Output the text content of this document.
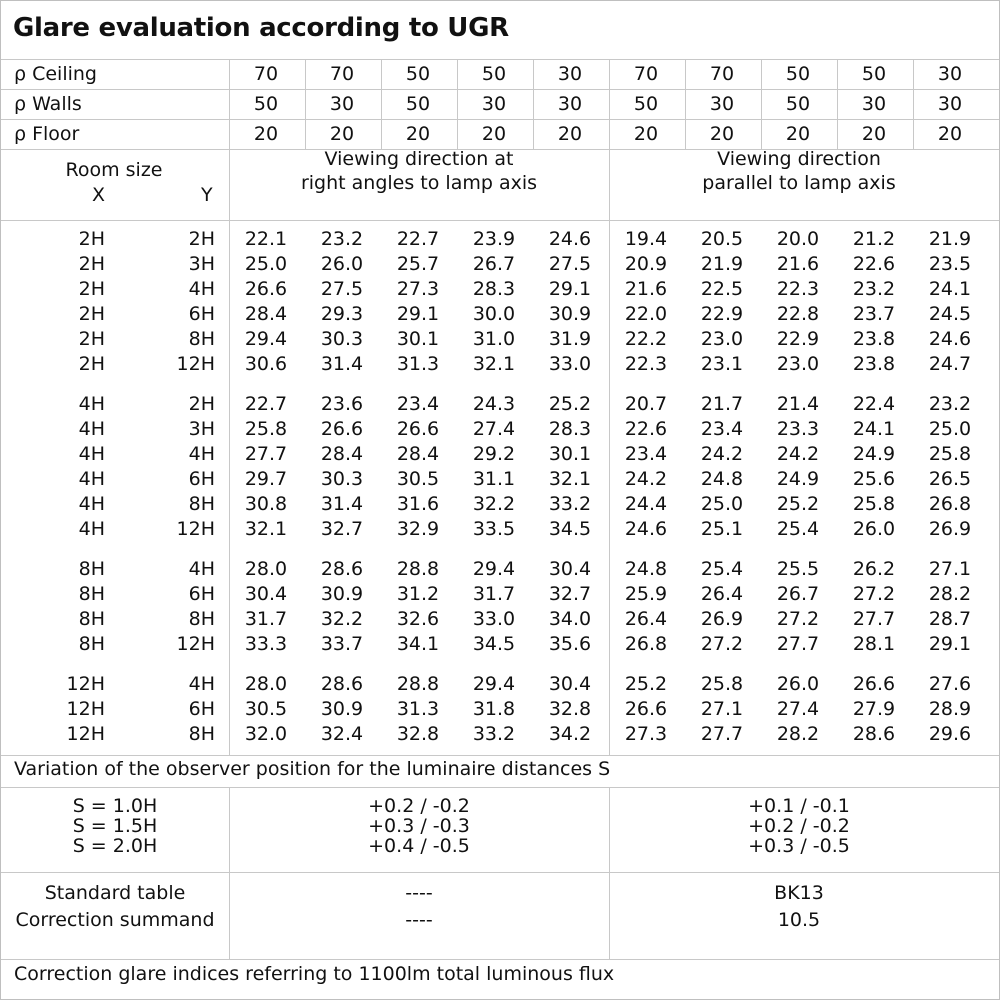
Glare evaluation according to UGR
ρ Ceiling	70	70	50	50	30	70	70	50	50	30
ρ Walls	50	30	50	30	30	50	30	50	30	30
ρ Floor	20	20	20	20	20	20	20	20	20	20
Room size
X	Y
Viewing direction at
right angles to lamp axis
Viewing direction
parallel to lamp axis
2H	2H	22.1	23.2	22.7	23.9	24.6	19.4	20.5	20.0	21.2	21.9
2H	3H	25.0	26.0	25.7	26.7	27.5	20.9	21.9	21.6	22.6	23.5
2H	4H	26.6	27.5	27.3	28.3	29.1	21.6	22.5	22.3	23.2	24.1
2H	6H	28.4	29.3	29.1	30.0	30.9	22.0	22.9	22.8	23.7	24.5
2H	8H	29.4	30.3	30.1	31.0	31.9	22.2	23.0	22.9	23.8	24.6
2H	12H	30.6	31.4	31.3	32.1	33.0	22.3	23.1	23.0	23.8	24.7
4H	2H	22.7	23.6	23.4	24.3	25.2	20.7	21.7	21.4	22.4	23.2
4H	3H	25.8	26.6	26.6	27.4	28.3	22.6	23.4	23.3	24.1	25.0
4H	4H	27.7	28.4	28.4	29.2	30.1	23.4	24.2	24.2	24.9	25.8
4H	6H	29.7	30.3	30.5	31.1	32.1	24.2	24.8	24.9	25.6	26.5
4H	8H	30.8	31.4	31.6	32.2	33.2	24.4	25.0	25.2	25.8	26.8
4H	12H	32.1	32.7	32.9	33.5	34.5	24.6	25.1	25.4	26.0	26.9
8H	4H	28.0	28.6	28.8	29.4	30.4	24.8	25.4	25.5	26.2	27.1
8H	6H	30.4	30.9	31.2	31.7	32.7	25.9	26.4	26.7	27.2	28.2
8H	8H	31.7	32.2	32.6	33.0	34.0	26.4	26.9	27.2	27.7	28.7
8H	12H	33.3	33.7	34.1	34.5	35.6	26.8	27.2	27.7	28.1	29.1
12H	4H	28.0	28.6	28.8	29.4	30.4	25.2	25.8	26.0	26.6	27.6
12H	6H	30.5	30.9	31.3	31.8	32.8	26.6	27.1	27.4	27.9	28.9
12H	8H	32.0	32.4	32.8	33.2	34.2	27.3	27.7	28.2	28.6	29.6
Variation of the observer position for the luminaire distances S
S = 1.0H	+0.2 / -0.2	+0.1 / -0.1
S = 1.5H	+0.3 / -0.3	+0.2 / -0.2
S = 2.0H	+0.4 / -0.5	+0.3 / -0.5
Standard table	----	BK13
Correction summand	----	10.5
Correction glare indices referring to 1100lm total luminous flux
